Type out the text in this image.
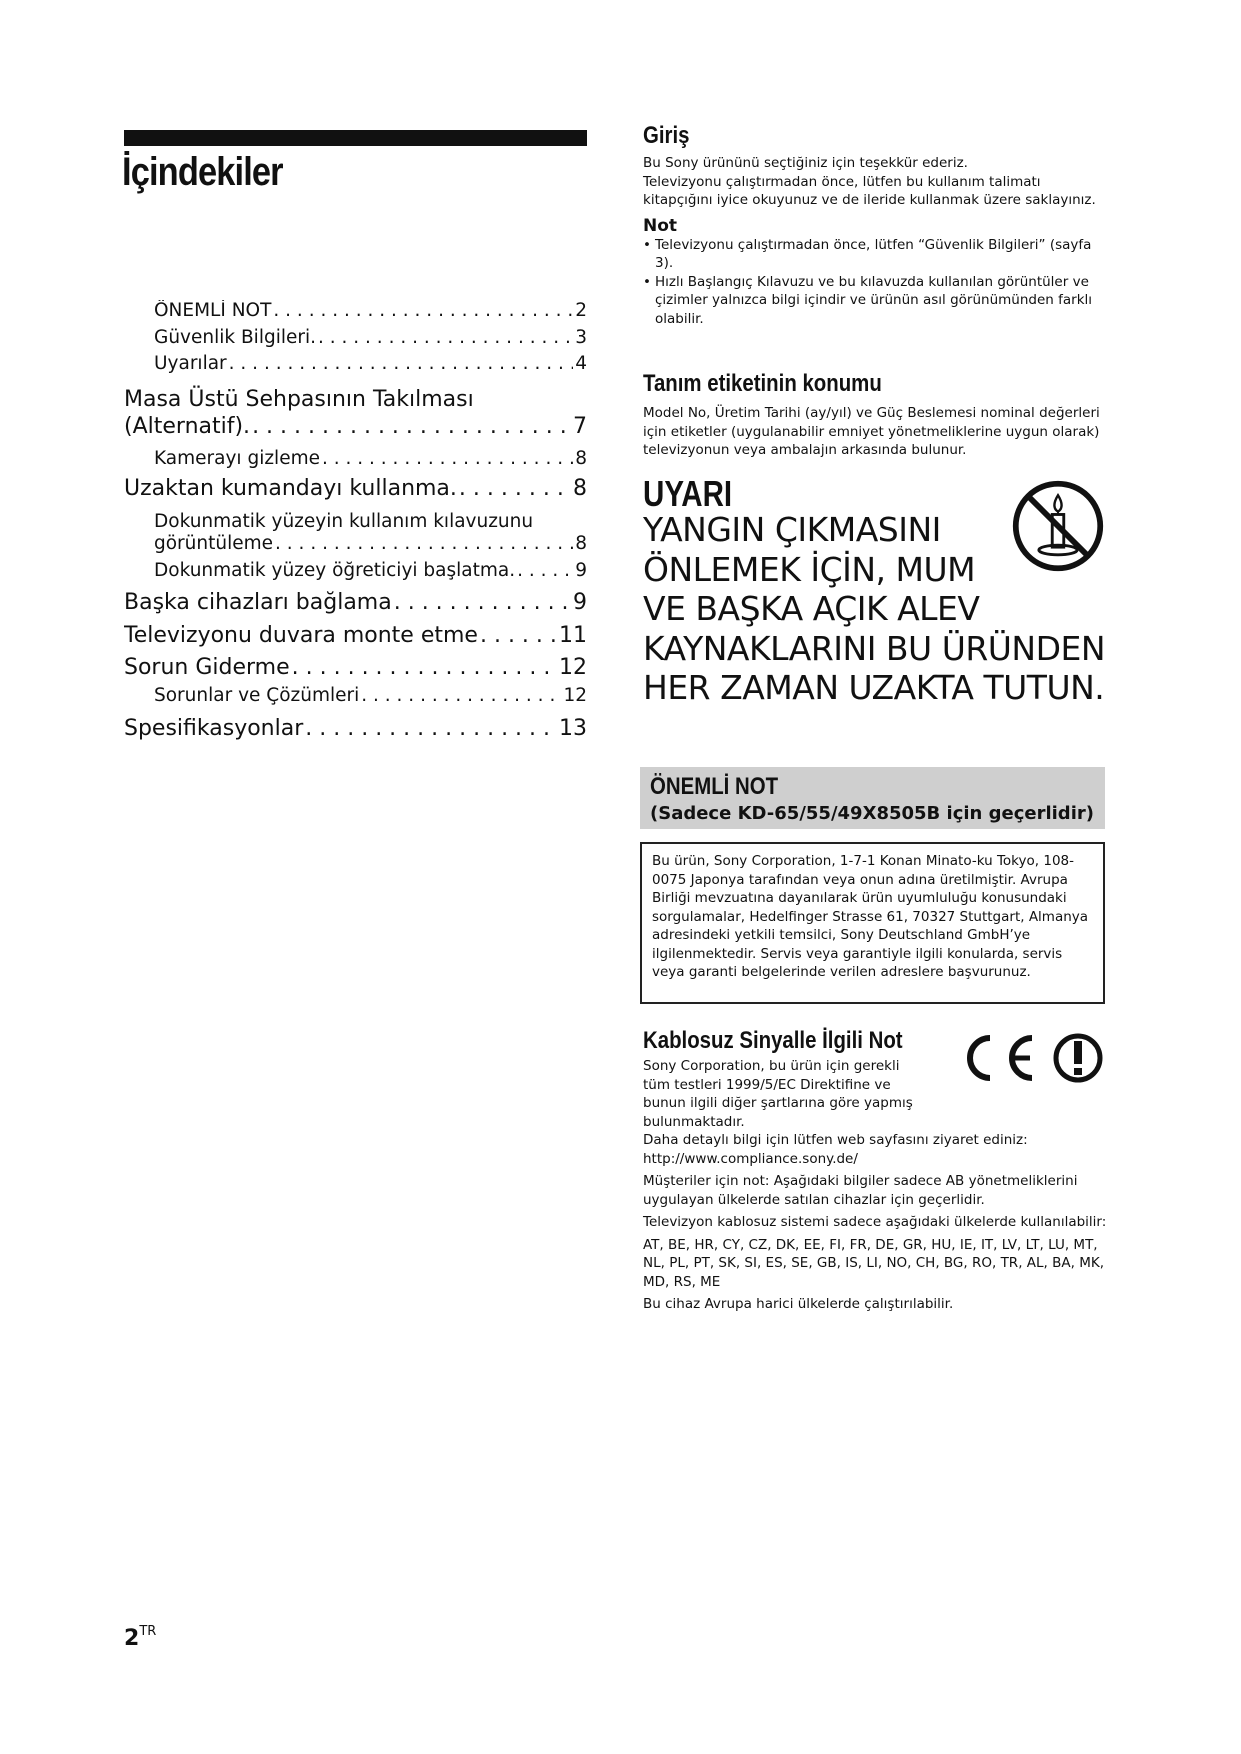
İçindekiler
ÖNEMLİ NOT . . .	2
Güvenlik Bilgileri. . . .	3
Uyarılar . . .	4
Masa Üstü Sehpasının Takılması
(Alternatif). . . .	7
Kamerayı gizleme . . .	8
Uzaktan kumandayı kullanma. . . .	8
Dokunmatik yüzeyin kullanım kılavuzunu
görüntüleme . . .	8
Dokunmatik yüzey öğreticiyi başlatma. . . .	9
Başka cihazları bağlama . . .	9
Televizyonu duvara monte etme . . .	11
Sorun Giderme . . .	12
Sorunlar ve Çözümleri . . .	12
Spesifikasyonlar . . .	13
Giriş
Bu Sony ürününü seçtiğiniz için teşekkür ederiz.
Televizyonu çalıştırmadan önce, lütfen bu kullanım talimatı kitapçığını iyice okuyunuz ve de ileride kullanmak üzere saklayınız.
Not
• Televizyonu çalıştırmadan önce, lütfen “Güvenlik Bilgileri” (sayfa 3).
• Hızlı Başlangıç Kılavuzu ve bu kılavuzda kullanılan görüntüler ve çizimler yalnızca bilgi içindir ve ürünün asıl görünümünden farklı olabilir.
Tanım etiketinin konumu
Model No, Üretim Tarihi (ay/yıl) ve Güç Beslemesi nominal değerleri için etiketler (uygulanabilir emniyet yönetmeliklerine uygun olarak) televizyonun veya ambalajın arkasında bulunur.
UYARI
YANGIN ÇIKMASINI
ÖNLEMEK İÇİN, MUM
VE BAŞKA AÇIK ALEV
KAYNAKLARINI BU ÜRÜNDEN
HER ZAMAN UZAKTA TUTUN.
ÖNEMLİ NOT
(Sadece KD-65/55/49X8505B için geçerlidir)
Bu ürün, Sony Corporation, 1-7-1 Konan Minato-ku Tokyo, 108-0075 Japonya tarafından veya onun adına üretilmiştir. Avrupa Birliği mevzuatına dayanılarak ürün uyumluluğu konusundaki sorgulamalar, Hedelfinger Strasse 61, 70327 Stuttgart, Almanya adresindeki yetkili temsilci, Sony Deutschland GmbH’ye ilgilenmektedir. Servis veya garantiyle ilgili konularda, servis veya garanti belgelerinde verilen adreslere başvurunuz.
Kablosuz Sinyalle İlgili Not
Sony Corporation, bu ürün için gerekli tüm testleri 1999/5/EC Direktifine ve bunun ilgili diğer şartlarına göre yapmış bulunmaktadır.
Daha detaylı bilgi için lütfen web sayfasını ziyaret ediniz:
http://www.compliance.sony.de/
Müşteriler için not: Aşağıdaki bilgiler sadece AB yönetmeliklerini uygulayan ülkelerde satılan cihazlar için geçerlidir.
Televizyon kablosuz sistemi sadece aşağıdaki ülkelerde kullanılabilir:
AT, BE, HR, CY, CZ, DK, EE, FI, FR, DE, GR, HU, IE, IT, LV, LT, LU, MT, NL, PL, PT, SK, SI, ES, SE, GB, IS, LI, NO, CH, BG, RO, TR, AL, BA, MK, MD, RS, ME
Bu cihaz Avrupa harici ülkelerde çalıştırılabilir.
$2^{TR}$
